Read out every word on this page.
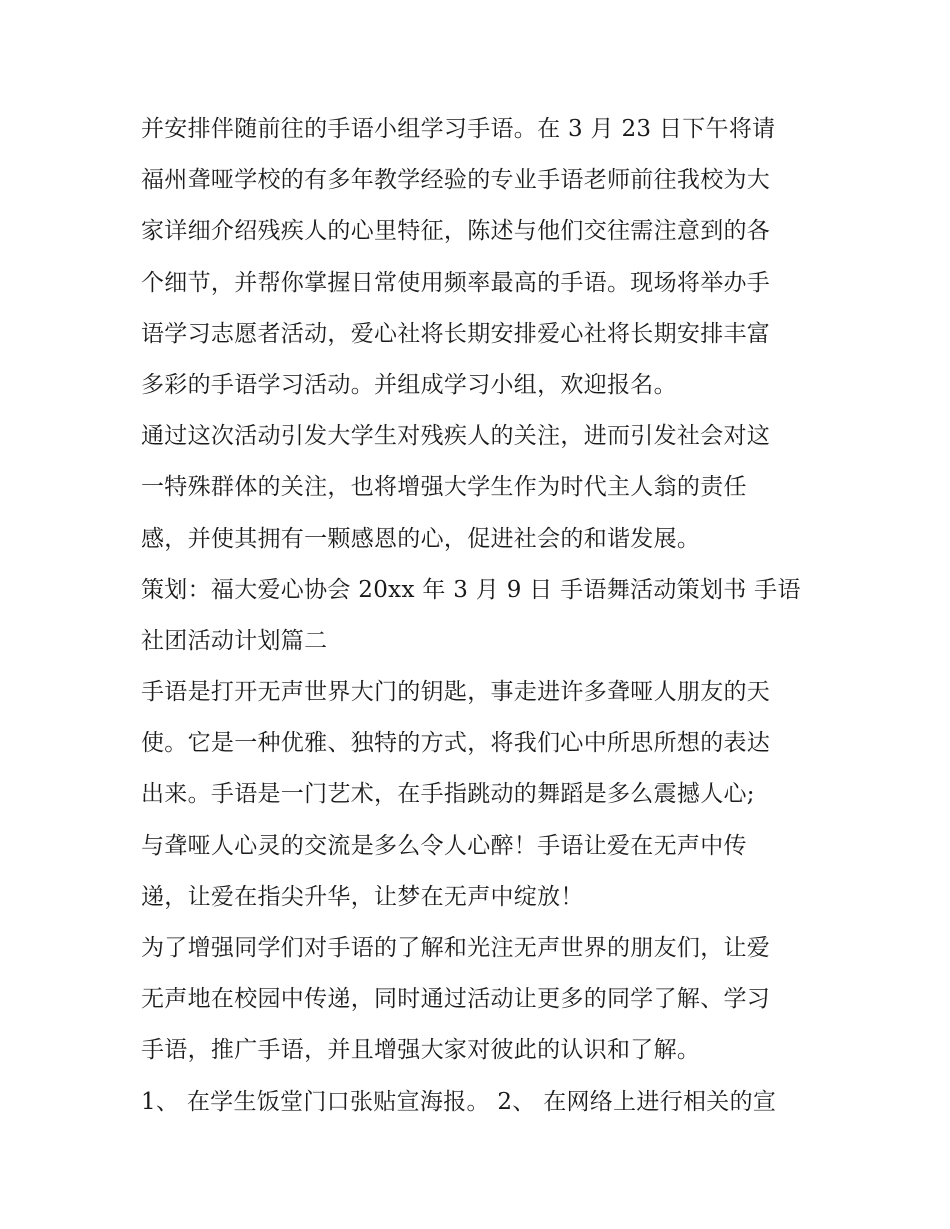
并安排伴随前往的手语小组学习手语。在 3 月 23 日下午将请
福州聋哑学校的有多年教学经验的专业手语老师前往我校为大
家详细介绍残疾人的心里特征，陈述与他们交往需注意到的各
个细节，并帮你掌握日常使用频率最高的手语。现场将举办手
语学习志愿者活动，爱心社将长期安排爱心社将长期安排丰富
多彩的手语学习活动。并组成学习小组，欢迎报名。
通过这次活动引发大学生对残疾人的关注，进而引发社会对这
一特殊群体的关注，也将增强大学生作为时代主人翁的责任
感，并使其拥有一颗感恩的心，促进社会的和谐发展。
策划：福大爱心协会 20xx 年 3 月 9 日 手语舞活动策划书 手语
社团活动计划篇二
手语是打开无声世界大门的钥匙，事走进许多聋哑人朋友的天
使。它是一种优雅、独特的方式，将我们心中所思所想的表达
出来。手语是一门艺术，在手指跳动的舞蹈是多么震撼人心;
与聋哑人心灵的交流是多么令人心醉！手语让爱在无声中传
递，让爱在指尖升华，让梦在无声中绽放！
为了增强同学们对手语的了解和光注无声世界的朋友们，让爱
无声地在校园中传递，同时通过活动让更多的同学了解、学习
手语，推广手语，并且增强大家对彼此的认识和了解。
1、 在学生饭堂门口张贴宣海报。 2、 在网络上进行相关的宣
